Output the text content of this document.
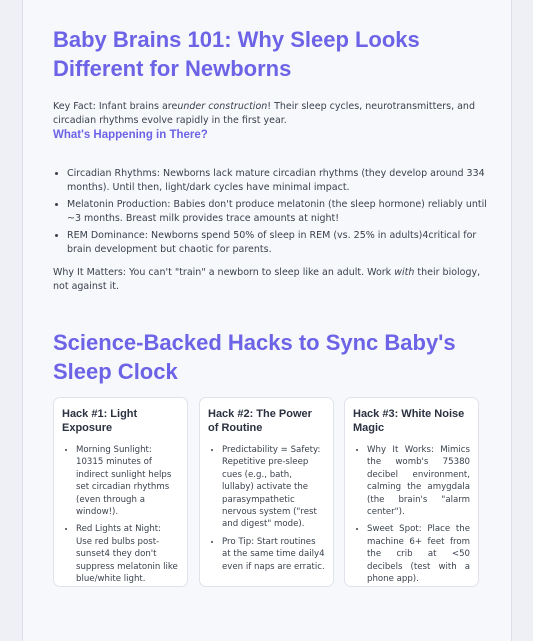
Baby Brains 101: Why Sleep Looks Different for Newborns

Key Fact: Infant brains areunder construction! Their sleep cycles, neurotransmitters, and circadian rhythms evolve rapidly in the first year.

What's Happening in There?
• Circadian Rhythms: Newborns lack mature circadian rhythms (they develop around 334 months). Until then, light/dark cycles have minimal impact.
• Melatonin Production: Babies don't produce melatonin (the sleep hormone) reliably until ~3 months. Breast milk provides trace amounts at night!
• REM Dominance: Newborns spend 50% of sleep in REM (vs. 25% in adults)4critical for brain development but chaotic for parents.

Why It Matters: You can't "train" a newborn to sleep like an adult. Work with their biology, not against it.

Science-Backed Hacks to Sync Baby's Sleep Clock
Hack #1: Light Exposure
• Morning Sunlight: 10315 minutes of indirect sunlight helps set circadian rhythms (even through a window!).
• Red Lights at Night: Use red bulbs post-sunset4 they don't suppress melatonin like blue/white light.
Hack #2: The Power of Routine
• Predictability = Safety: Repetitive pre-sleep cues (e.g., bath, lullaby) activate the parasympathetic nervous system ("rest and digest" mode).
• Pro Tip: Start routines at the same time daily4 even if naps are erratic.
Hack #3: White Noise Magic
• Why It Works: Mimics the womb's 75380 decibel environment, calming the amygdala (the brain's "alarm center").
• Sweet Spot: Place the machine 6+ feet from the crib at <50 decibels (test with a phone app).
